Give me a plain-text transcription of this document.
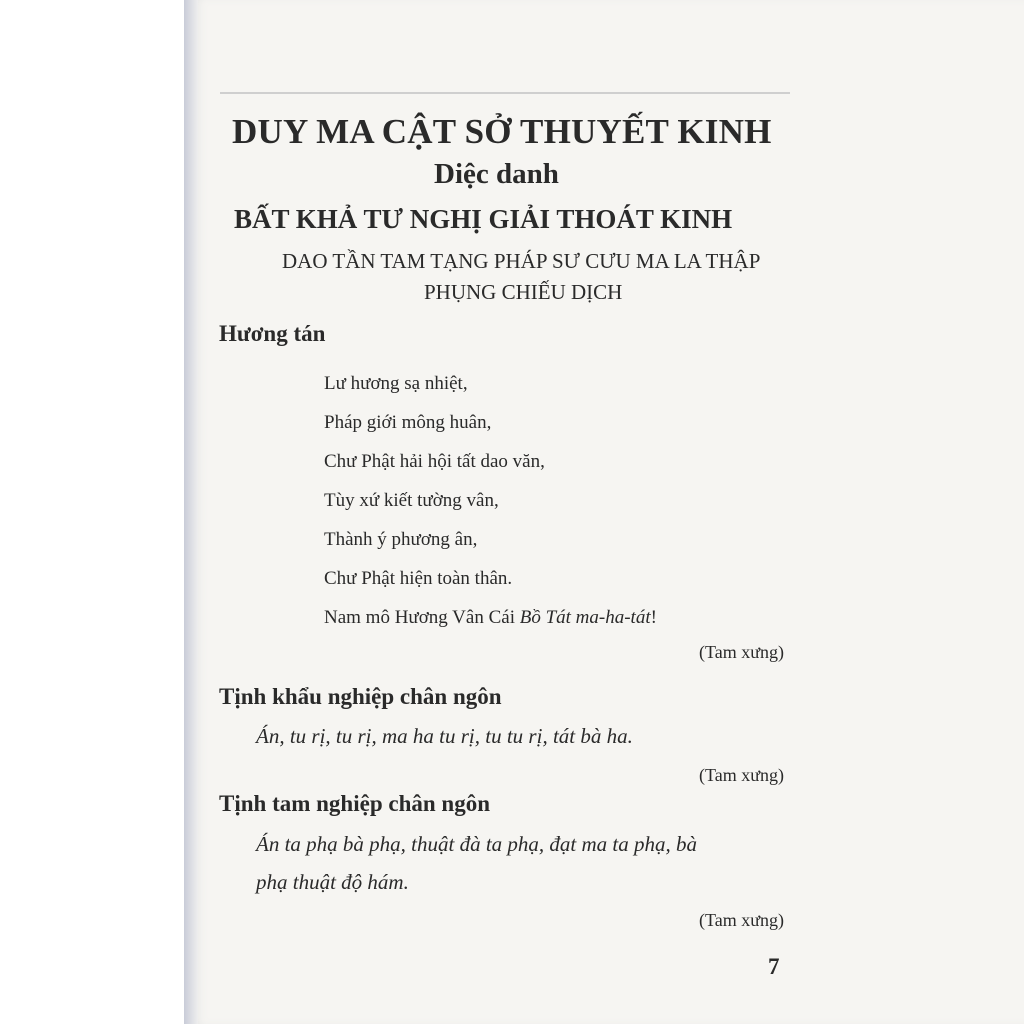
DUY MA CẬT SỞ THUYẾT KINH
Diệc danh
BẤT KHẢ TƯ NGHỊ GIẢI THOÁT KINH
DAO TẦN TAM TẠNG PHÁP SƯ CƯU MA LA THẬP
PHỤNG CHIẾU DỊCH
Hương tán
Lư hương sạ nhiệt,
Pháp giới mông huân,
Chư Phật hải hội tất dao văn,
Tùy xứ kiết tường vân,
Thành ý phương ân,
Chư Phật hiện toàn thân.
Nam mô Hương Vân Cái Bồ Tát ma-ha-tát!
(Tam xưng)
Tịnh khẩu nghiệp chân ngôn
Án, tu rị, tu rị, ma ha tu rị, tu tu rị, tát bà ha.
(Tam xưng)
Tịnh tam nghiệp chân ngôn
Án ta phạ bà phạ, thuật đà ta phạ, đạt ma ta phạ, bà
phạ thuật độ hám.
(Tam xưng)
7
